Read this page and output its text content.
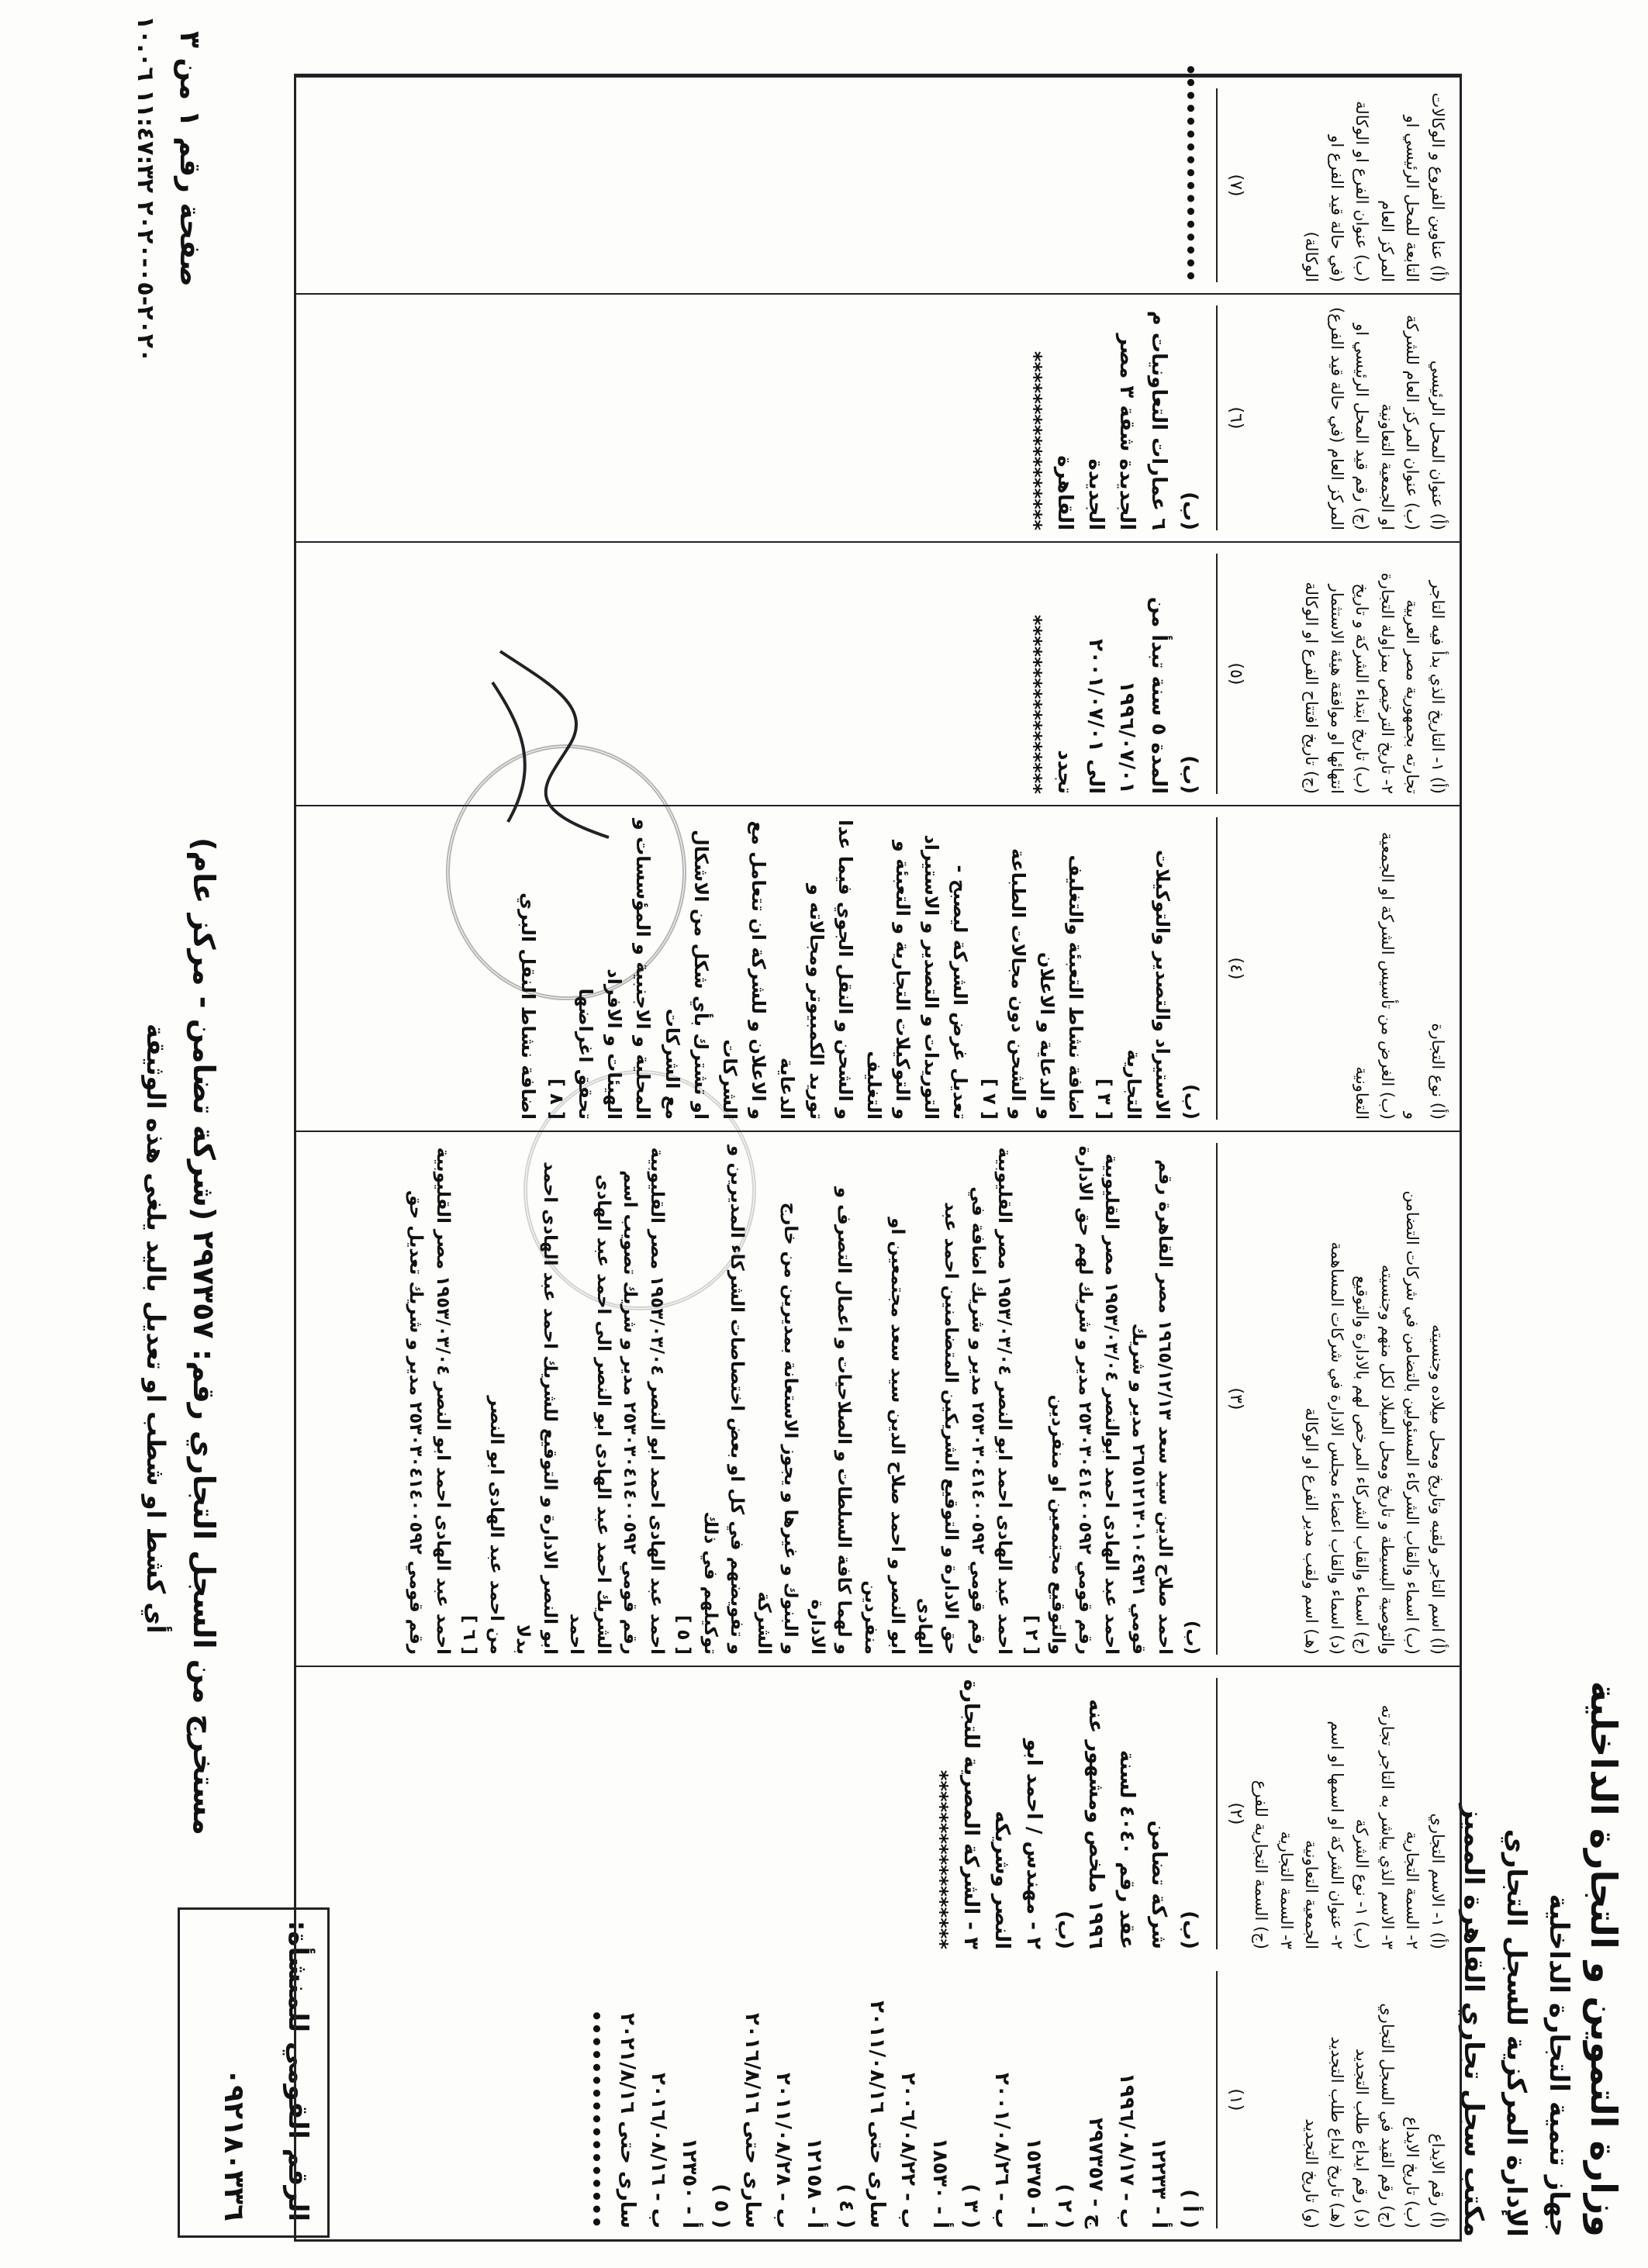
وزارة التموين و التجارة الداخلية
جهاز تنمية التجارة الداخلية
الإدارة المركزية للسجل التجاري
مكتب سجل تجاري القاهرة المميز
الرقم القومي للمنشأة:
٠٩٢١٨٠٣٣٦
مستخرج من السجل التجاري رقم: ٢٩٧٣٥٧ (شركة تضامن - مركز عام)
أي كشط او شطب او تعديل باليد يلغى هذه الوثيقة
(أ) رقم الايداع
(ب) تاريخ الايداع
(ج) رقم القيد في السجل التجاري
(د) رقم ايداع طلب التجديد
(هـ) تاريخ ايداع طلب التجديد
(و) تاريخ التجديد
(١)
( أ )
أ - ١٢٢٣٣
ب - ١٩٩٦/٠٨/١٧
ج - ٢٩٧٣٥٧
( ٢ )
أ - ١٥٣٧٥
ب - ٢٠٠١/٠٨/٢٦
( ٣ )
أ - ١٨٥٣٠
ب - ٢٠٠٦/٠٨/٢٢
سارى حتى ٢٠١١/٠٨/١٦
( ٤ )
أ - ١٢١٥٨
ب - ٢٠١١/٠٨/٢٨
سارى حتى ٢٠١٦/٨/١٦
( ٥ )
أ - ١٢٣٥٠
ب - ٢٠١٦/٠٨/١٦
سارى حتى ٢٠٢١/٨/١٦
•••••••••••••••••
(أ) ١- الاسم التجاري
٢- السمة التجارية
٣- الاسم الذي يباشر به التاجر تجارته
(ب) ١- نوع الشركة
٢- عنوان الشركة او اسمها او اسم الجمعية التعاونية
٣- السمة التجارية
(ج) السمة التجارية للفرع
(٢)
(ب)
شركة تضامن
عقد رقم ٤٠٤٠ لسنة
١٩٩٦ ملخص ومشهور عنه
(ب)
٢ - مهندس / احمد ابو
النصر وشريكه
٣ - الشركة المصرية للتجارة
*****************
(أ) اسم التاجر ولقبه وتاريخ ومحل ميلاده وجنسيته
(ب) اسماء والقاب الشركاء المسئولين بالتضامن في شركات التضامن والتوصية البسيطة و تاريخ ومحل الميلاد لكل منهم وجنسيته
(ج) اسماء والقاب الشركاء المرخص لهم بالادارة والتوقيع
(د) اسماء والقاب اعضاء مجلس الادارة في شركات المساهمة
(هـ) اسم ولقب مدير الفرع او الوكالة
(٣)
(ب)
احمد صلاح الدين سيد سعد ١٩٦٥/١٢/١٣ مصر القاهرة رقم
قومي ٢٦٥١٢١٣٠١٠٤٩٣١ مدير و شريك
احمد عبد الهادى احمد ابوالنصر ١٩٥٣/٠٣/٠٤ مصر القليوبية
رقم قومي ٢٥٣٠٣٠٤١٤٠٠٥٩٢ مدير و شريك لهم حق الادارة
والتوقيع مجتمعين او منفردين
[ ٢ ]
احمد عبد الهادى احمد ابو النصر ١٩٥٣/٠٣/٠٤ مصر القليوبية
رقم قومي ٢٥٣٠٣٠٤١٤٠٠٥٩٢ مدير و شريك اضافة في
حق الادارة و التوقيع الشريكين المتضامنين احمد عبد الهادى
ابو النصر و احمد صلاح الدين سيد سعد مجتمعين او منفردين
و لهما كافة السلطات و الصلاحيات و اعمال التصرف و الادارة
و البنوك و غيرها و يجوز الاستعانة بمديرين من خارج الشركة
و تفويضهم في كل او بعض اختصاصات الشركاء المديرين و
توكيلهم في ذلك
[ ٥ ]
احمد عبد الهادى احمد ابو النصر ١٩٥٣/٠٣/٠٤ مصر القليوبية
رقم قومي ٢٥٣٠٣٠٤١٤٠٠٥٩٢ مدير و شريك تصويب اسم
الشريك احمد عبد الهادى ابو النصر الى احمد عبد الهادى احمد
ابو النصر الادارة و التوقيع للشريك احمد عبد الهادى احمد بدلا
من احمد عبد الهادى ابو النصر
[ ٦ ]
احمد عبد الهادى احمد ابو النصر ١٩٥٣/٠٣/٠٤ مصر القليوبية
رقم قومي ٢٥٣٠٣٠٤١٤٠٠٥٩٢ مدير و شريك تعديل حق
(أ) نوع التجارة
و
(ب) الغرض من تأسيس الشركة او الجمعية التعاونية
(٤)
(ب)
الاستيراد والتصدير والتوكيلات
التجارية
[ ٣ ]
اضافة نشاط التعبئة والتغليف
و الدعاية و الاعلان
و الشحن دون مجالات الطباعة
[ ٧ ]
تعديل غرض الشركة ليصبح -
التوريدات و التصدير و الاستيراد
و التوكيلات التجارية و التعبئة و التغليف
و الشحن و النقل الجوي فيما عدا
توريد الكمبيوتر ومجالاته و الدعاية
و الاعلان و للشركة ان تتعامل مع الشركات
او تشترك بأي شكل من الاشكال مع الشركات
المحلية و الاجنبية و المؤسسات و الهيئات و الافراد
تحقق اغراضها
[ ٨ ]
اضافة نشاط النقل البري
(أ) ١- التاريخ الذي بدأ فيه التاجر تجارته بجمهورية مصر العربية
٢- تاريخ الترخيص بمزاولة التجارة
(ب) تاريخ ابتداء الشركة و تاريخ انتهائها او موافقة هيئة الاستثمار
(ج) تاريخ افتتاح الفرع او الوكالة
(٥)
(ب)
المدة ٥ سنة تبدأ من ١٩٩٦/٠٧/٠١
الى ٢٠٠١/٠٧/٠١
تجدد
*****************
(أ) عنوان المحل الرئيسي
(ب) عنوان المركز العام للشركة او الجمعية التعاونية
(ج) رقم قيد المحل الرئيسي او المركز العام (في حالة قيد الفرع)
(٦)
(ب)
٦ عمارات التعاونيات م
الجديدة شقة ٣ مصر الجديدة
القاهرة
*****************
(أ) عناوين الفروع و الوكالات التابعة للمحل الرئيسي او المركز العام
(ب) عنوان الفرع او الوكالة (في حالة قيد الفرع او الوكالة)
(٧)
•••••••••••••••••
صفحة رقم ١ من ٣
٢٠٢٠-٠٥-٢٠٢٠ ١١:٤٧:٣٢ ١٠.٠٦
